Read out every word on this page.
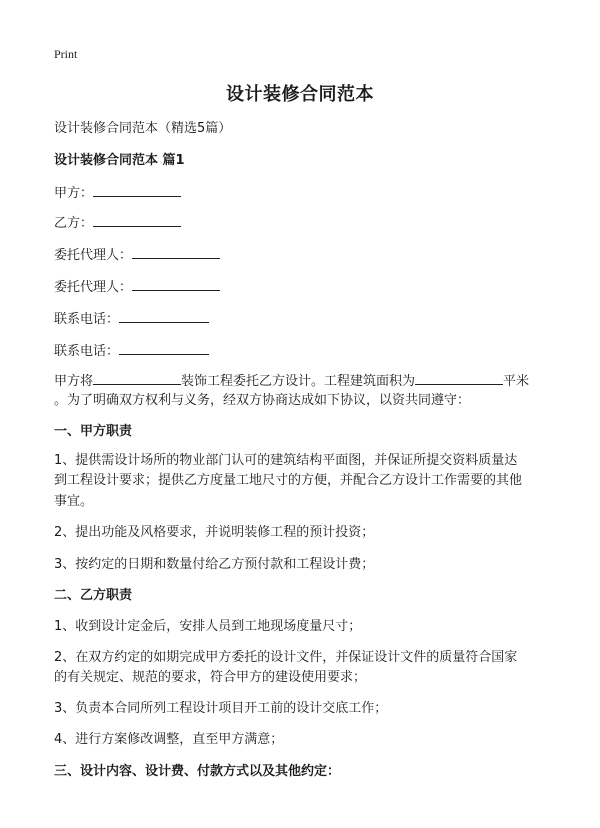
Print
设计装修合同范本
设计装修合同范本（精选5篇）
设计装修合同范本 篇1
甲方：
乙方：
委托代理人：
委托代理人：
联系电话：
联系电话：
甲方将	装饰工程委托乙方设计。工程建筑面积为	平米
。为了明确双方权利与义务，经双方协商达成如下协议，以资共同遵守：
一、甲方职责
1、提供需设计场所的物业部门认可的建筑结构平面图，并保证所提交资料质量达
到工程设计要求；提供乙方度量工地尺寸的方便，并配合乙方设计工作需要的其他
事宜。
2、提出功能及风格要求，并说明装修工程的预计投资；
3、按约定的日期和数量付给乙方预付款和工程设计费；
二、乙方职责
1、收到设计定金后，安排人员到工地现场度量尺寸；
2、在双方约定的如期完成甲方委托的设计文件，并保证设计文件的质量符合国家
的有关规定、规范的要求，符合甲方的建设使用要求；
3、负责本合同所列工程设计项目开工前的设计交底工作；
4、进行方案修改调整，直至甲方满意；
三、设计内容、设计费、付款方式以及其他约定：
